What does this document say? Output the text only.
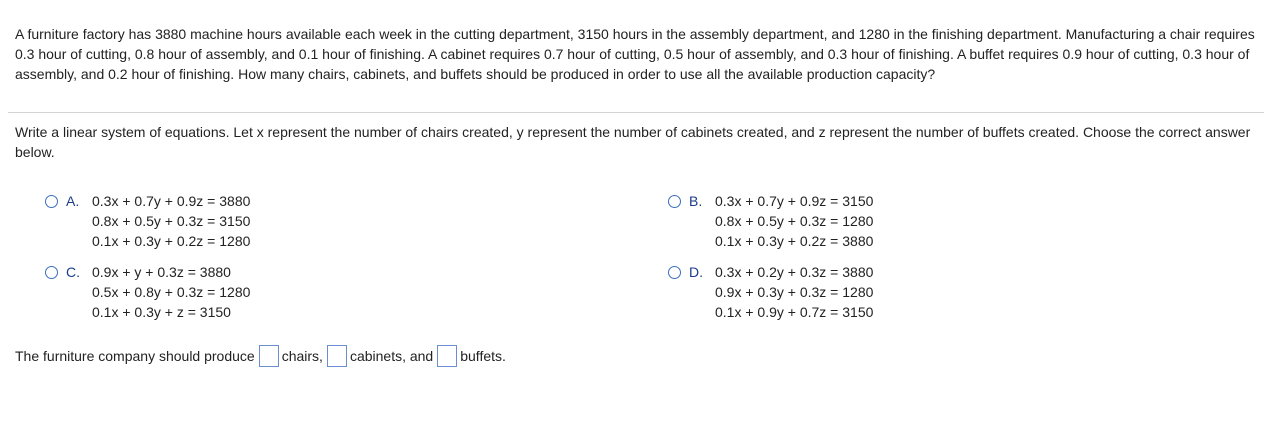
A furniture factory has 3880 machine hours available each week in the cutting department, 3150 hours in the assembly department, and 1280 in the finishing department. Manufacturing a chair requires 0.3 hour of cutting, 0.8 hour of assembly, and 0.1 hour of finishing. A cabinet requires 0.7 hour of cutting, 0.5 hour of assembly, and 0.3 hour of finishing. A buffet requires 0.9 hour of cutting, 0.3 hour of assembly, and 0.2 hour of finishing. How many chairs, cabinets, and buffets should be produced in order to use all the available production capacity?
Write a linear system of equations. Let x represent the number of chairs created, y represent the number of cabinets created, and z represent the number of buffets created. Choose the correct answer below.
A. 0.3x + 0.7y + 0.9z = 3880
0.8x + 0.5y + 0.3z = 3150
0.1x + 0.3y + 0.2z = 1280
B. 0.3x + 0.7y + 0.9z = 3150
0.8x + 0.5y + 0.3z = 1280
0.1x + 0.3y + 0.2z = 3880
C. 0.9x + y + 0.3z = 3880
0.5x + 0.8y + 0.3z = 1280
0.1x + 0.3y + z = 3150
D. 0.3x + 0.2y + 0.3z = 3880
0.9x + 0.3y + 0.3z = 1280
0.1x + 0.9y + 0.7z = 3150
The furniture company should produce chairs, cabinets, and buffets.
